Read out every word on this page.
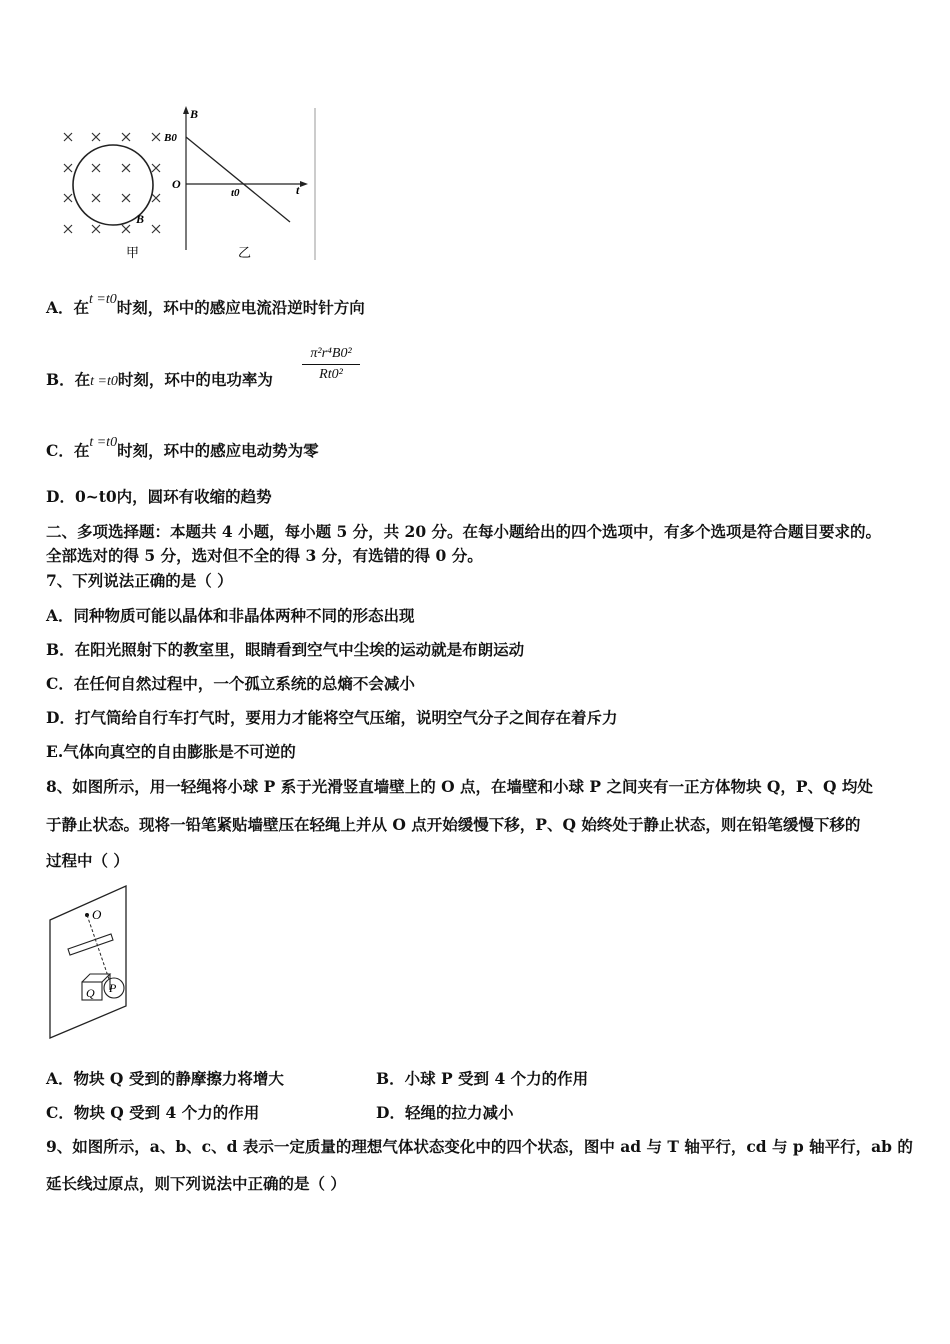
B
甲
B
t
O
B0
t0
乙
A．在t =t0时刻，环中的感应电流沿逆时针方向
B．在t =t0时刻，环中的电功率为 $\frac{\text{π²r⁴B0²}}{\text{Rt0²}}$
C．在t =t0时刻，环中的感应电动势为零
D．0~t0内，圆环有收缩的趋势
二、多项选择题：本题共 4 小题，每小题 5 分，共 20 分。在每小题给出的四个选项中，有多个选项是符合题目要求的。
全部选对的得 5 分，选对但不全的得 3 分，有选错的得 0 分。
7、下列说法正确的是（ ）
A．同种物质可能以晶体和非晶体两种不同的形态出现
B．在阳光照射下的教室里，眼睛看到空气中尘埃的运动就是布朗运动
C．在任何自然过程中，一个孤立系统的总熵不会减小
D．打气筒给自行车打气时，要用力才能将空气压缩，说明空气分子之间存在着斥力
E.气体向真空的自由膨胀是不可逆的
8、如图所示，用一轻绳将小球 P 系于光滑竖直墙壁上的 O 点，在墙壁和小球 P 之间夹有一正方体物块 Q，P、Q 均处
于静止状态。现将一铅笔紧贴墙壁压在轻绳上并从 O 点开始缓慢下移，P、Q 始终处于静止状态，则在铅笔缓慢下移的
过程中（ ）
O
Q P
A．物块 Q 受到的静摩擦力将增大	B．小球 P 受到 4 个力的作用
C．物块 Q 受到 4 个力的作用	D．轻绳的拉力减小
9、如图所示，a、b、c、d 表示一定质量的理想气体状态变化中的四个状态，图中 ad 与 T 轴平行，cd 与 p 轴平行，ab 的
延长线过原点，则下列说法中正确的是（ ）
